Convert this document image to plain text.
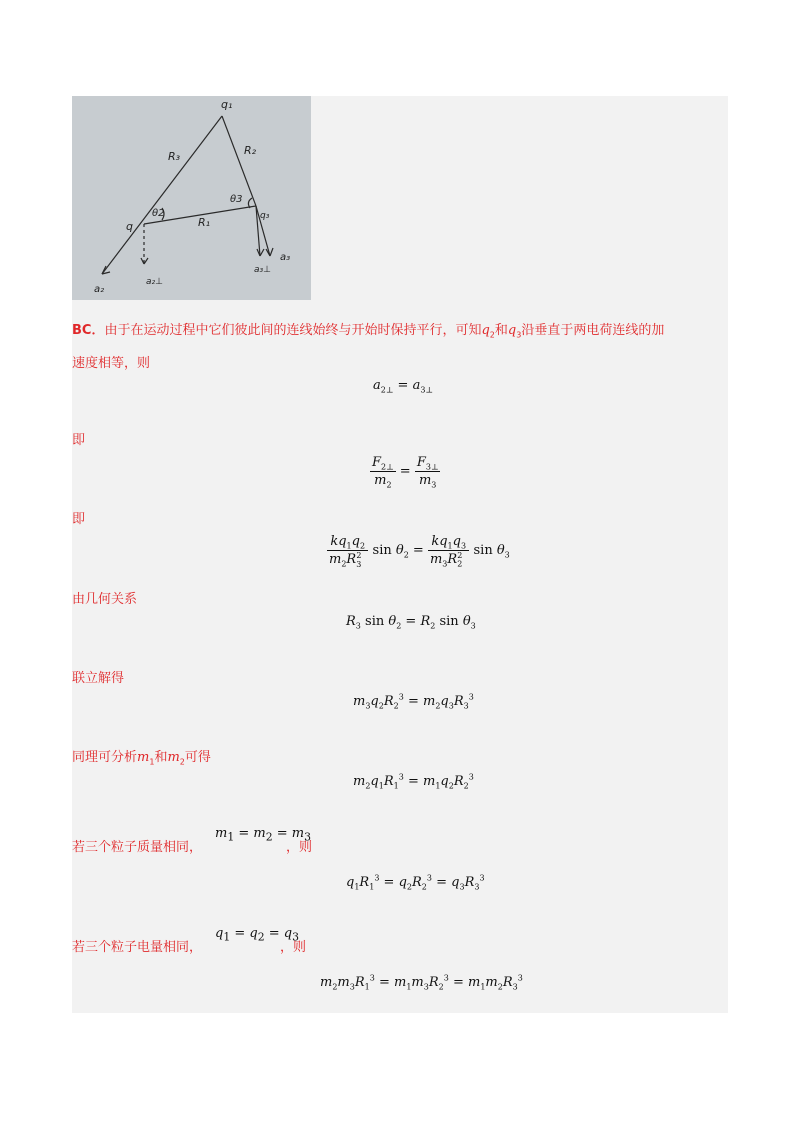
q₁
R₃	R₂
R₁
q
θ2
θ3
q₃
a₂
a₂⊥
a₃⊥
a₃
BC．由于在运动过程中它们彼此间的连线始终与开始时保持平行，可知$q_2$和$q_3$沿垂直于两电荷连线的加
速度相等，则
$a_{2\perp} = a_{3\perp}$
即
$\frac{F_{2\perp}}{m_2} = \frac{F_{3\perp}}{m_3}$
即
$\frac{kq_1q_2}{m_2R_3^2}$ $\sin \theta_2 = \frac{kq_1q_3}{m_3R_2^2}$ $\sin \theta_3$
由几何关系
$R_3$ $\sin \theta_2 = R_2$ $\sin \theta_3$
联立解得
$m_3q_2R_2^3 = m_2q_3R_3^3$
同理可分析$m_1$和$m_2$可得
$m_2q_1R_1^3 = m_1q_2R_2^3$
若三个粒子质量相同，
$m_1 = m_2 = m_3$
，则
$q_1R_1^3 = q_2R_2^3 = q_3R_3^3$
若三个粒子电量相同，
$q_1 = q_2 = q_3$
，则
$m_2m_3R_1^3 = m_1m_3R_2^3 = m_1m_2R_3^3$
